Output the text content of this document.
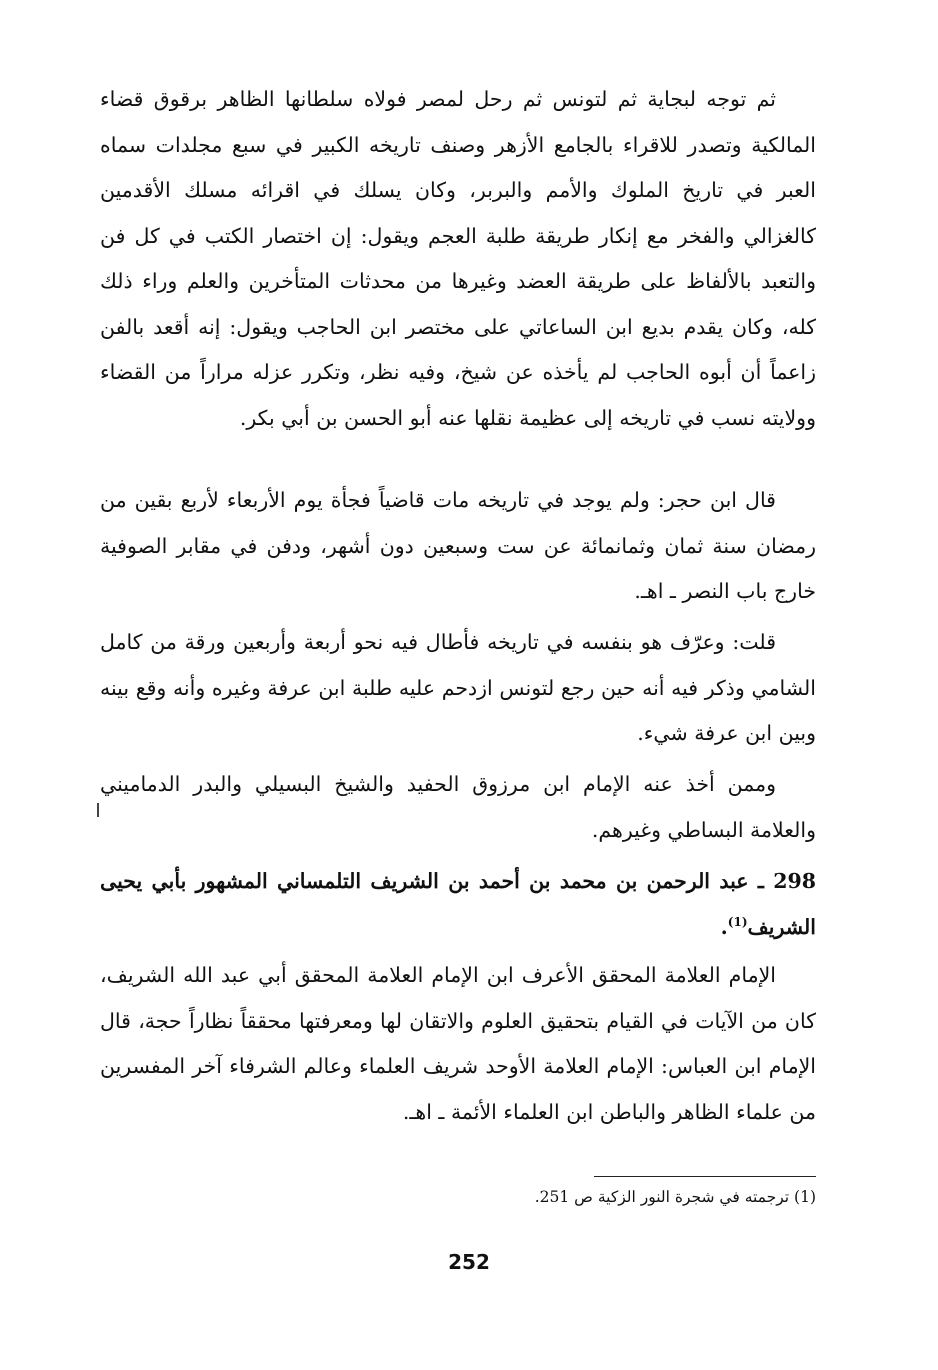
ثم توجه لبجاية ثم لتونس ثم رحل لمصر فولاه سلطانها الظاهر برقوق قضاء المالكية وتصدر للاقراء بالجامع الأزهر وصنف تاريخه الكبير في سبع مجلدات سماه العبر في تاريخ الملوك والأمم والبربر، وكان يسلك في اقرائه مسلك الأقدمين كالغزالي والفخر مع إنكار طريقة طلبة العجم ويقول: إن اختصار الكتب في كل فن والتعبد بالألفاظ على طريقة العضد وغيرها من محدثات المتأخرين والعلم وراء ذلك كله، وكان يقدم بديع ابن الساعاتي على مختصر ابن الحاجب ويقول: إنه أقعد بالفن زاعماً أن أبوه الحاجب لم يأخذه عن شيخ، وفيه نظر، وتكرر عزله مراراً من القضاء وولايته نسب في تاريخه إلى عظيمة نقلها عنه أبو الحسن بن أبي بكر.
قال ابن حجر: ولم يوجد في تاريخه مات قاضياً فجأة يوم الأربعاء لأربع بقين من رمضان سنة ثمان وثمانمائة عن ست وسبعين دون أشهر، ودفن في مقابر الصوفية خارج باب النصر ـ اهـ.
قلت: وعرّف هو بنفسه في تاريخه فأطال فيه نحو أربعة وأربعين ورقة من كامل الشامي وذكر فيه أنه حين رجع لتونس ازدحم عليه طلبة ابن عرفة وغيره وأنه وقع بينه وبين ابن عرفة شيء.
وممن أخذ عنه الإمام ابن مرزوق الحفيد والشيخ البسيلي والبدر الدماميني والعلامة البساطي وغيرهم.
298 ـ عبد الرحمن بن محمد بن أحمد بن الشريف التلمساني المشهور بأبي يحيى الشريف$^{(1)}$.
الإمام العلامة المحقق الأعرف ابن الإمام العلامة المحقق أبي عبد الله الشريف، كان من الآيات في القيام بتحقيق العلوم والاتقان لها ومعرفتها محققاً نظاراً حجة، قال الإمام ابن العباس: الإمام العلامة الأوحد شريف العلماء وعالم الشرفاء آخر المفسرين من علماء الظاهر والباطن ابن العلماء الأئمة ـ اهـ.
(1) ترجمته في شجرة النور الزكية ص 251.
252
